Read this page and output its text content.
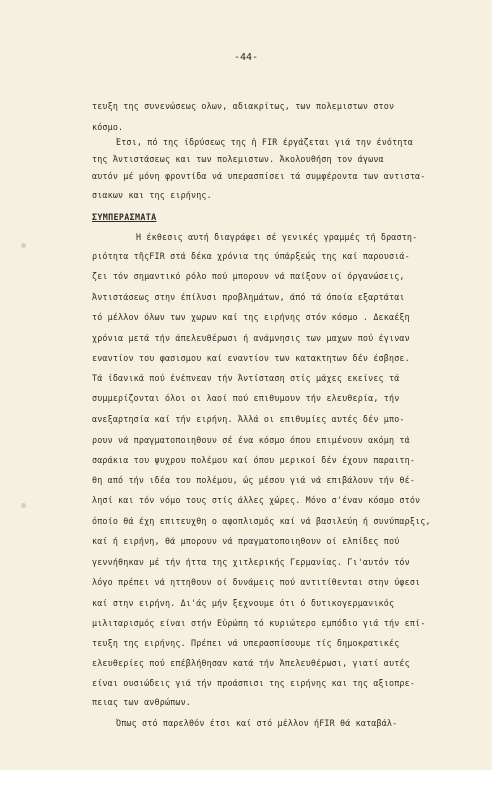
-44-
τευξη της συνενώσεως ολων, αδιακρίτως, των πολεμιστων στον
κόσμο.
Ἔτσι, πό της ίδρύσεως της ἡ FIR έργάζεται γιά την ένότητα
της Ἀντιστάσεως και των πολεμιστων. Ἀκολουθήση τον άγωνα
αυτόν μέ μόνη φροντίδα νά υπερασπίσει τά συμφέροντα των αντιστα-
σιακων και της ειρήνης.
ΣΥΜΠΕΡΑΣΜΑΤΑ
Ἡ έκθεσις αυτή διαγράφει σέ γενικές γραμμές τή δραστη-
ριότητα τῆςFIR στά δέκα χρόνια της ύπάρξεώς της καί παρουσιά-
ζει τόν σημαντικό ρόλο πού μπορουν νά παίξουν οί όργανώσεις,
Ἀντιστάσεως στην έπίλυσι προβλημάτων, άπό τά όποία εξαρτάται
τό μέλλον όλων των χωρων καί της ειρήνης στόν κόσμο . Δεκαέξη
χρόνια μετά τήν άπελευθέρωσι ή ανάμνησις των μαχων πού έγιναν
εναντίον του φασισμου καί εναντίον των κατακτητων δέν έσβησε.
Τά ίδανικά πού ένέπνεαν τήν Ἀντίσταση στίς μάχες εκείνες τά
συμμερίζονται όλοι οι λαοί πού επιθυμουν τήν ελευθερία, τήν
ανεξαρτησία καί τήν ειρήνη. Ἀλλά οι επιθυμίες αυτές δέν μπο-
ρουν νά πραγματοποιηθουν σέ ένα κόσμο όπου επιμένουν ακόμη τά
σαράκια του ψυχρου πολέμου καί όπου μερικοί δέν έχουν παραιτη-
θη από τήν ιδέα του πολέμου, ώς μέσου γιά νά επιβάλουν τήν θέ-
λησί και τόν νόμο τους στίς άλλες χώρες. Μόνο σ'έναν κόσμο στόν
όποίο θά έχη επιτευχθη ο αφοπλισμός καί νά βασιλεύη ή συνύπαρξις,
καί ή ειρήνη, θά μπορουν νά πραγματοποιηθουν οί ελπίδες πού
γεννήθηκαν μέ τήν ήττα της χιτλερικής Γερμανίας. Γι'αυτόν τόν
λόγο πρέπει νά ηττηθουν οί δυνάμεις πού αντιτίθενται στην ύφεσι
καί στην ειρήνη. Δι'άς μήν ξεχνουμε ότι ό δυτικογερμανικός
μιλιταρισμός είναι στήν Εὐρώπη τό κυριώτερο εμπόδιο γιά τήν επί-
τευξη της ειρήνης. Πρέπει νά υπερασπίσουμε τίς δημοκρατικές
ελευθερίες πού επέβλήθησαν κατά τήν Ἀπελευθέρωσι, γιατί αυτές
είναι ουσιώδεις γιά τήν προάσπισι της ειρήνης και της αξιοπρε-
πειας των ανθρώπων.
Ὅπως στό παρελθόν έτσι καί στό μέλλον ήFIR θά καταβάλ-
